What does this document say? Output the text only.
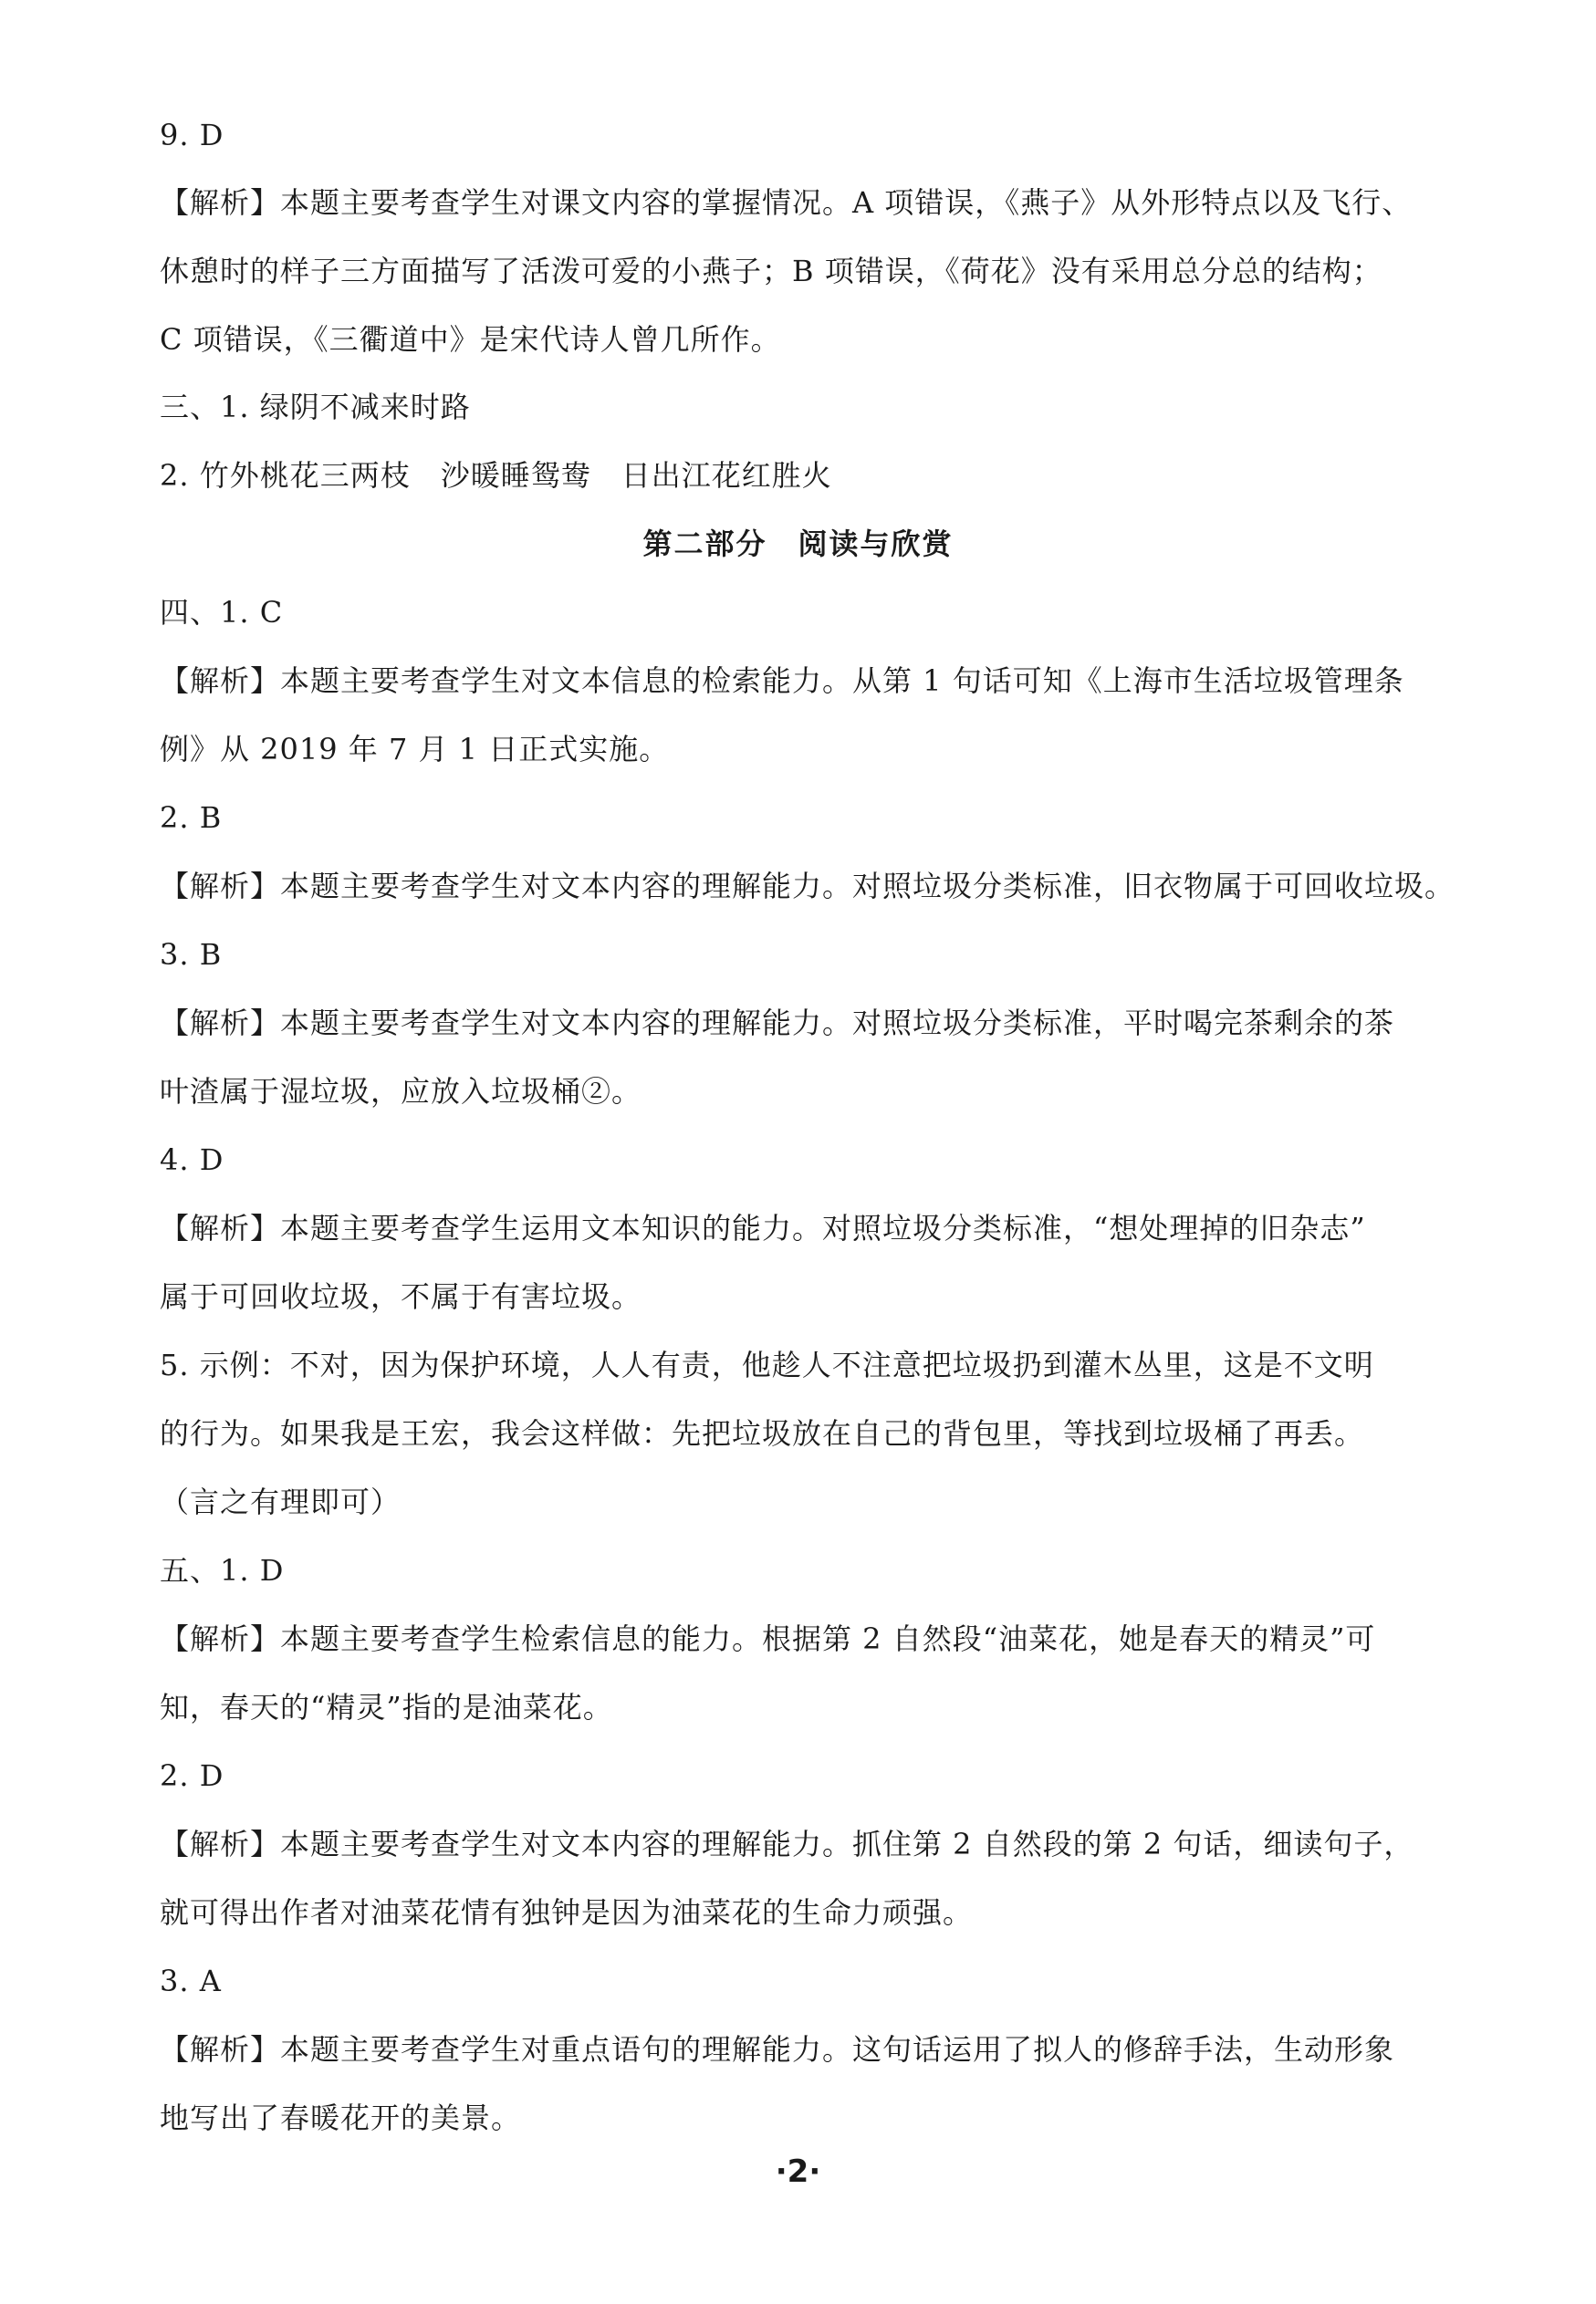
9. D
【解析】本题主要考查学生对课文内容的掌握情况。A 项错误，《燕子》从外形特点以及飞行、
休憩时的样子三方面描写了活泼可爱的小燕子；B 项错误，《荷花》没有采用总分总的结构；
C 项错误，《三衢道中》是宋代诗人曾几所作。
三、1. 绿阴不减来时路
2. 竹外桃花三两枝　沙暖睡鸳鸯　日出江花红胜火
第二部分　阅读与欣赏
四、1. C
【解析】本题主要考查学生对文本信息的检索能力。从第 1 句话可知《上海市生活垃圾管理条
例》从 2019 年 7 月 1 日正式实施。
2. B
【解析】本题主要考查学生对文本内容的理解能力。对照垃圾分类标准，旧衣物属于可回收垃圾。
3. B
【解析】本题主要考查学生对文本内容的理解能力。对照垃圾分类标准，平时喝完茶剩余的茶
叶渣属于湿垃圾，应放入垃圾桶②。
4. D
【解析】本题主要考查学生运用文本知识的能力。对照垃圾分类标准，“想处理掉的旧杂志”
属于可回收垃圾，不属于有害垃圾。
5. 示例：不对，因为保护环境，人人有责，他趁人不注意把垃圾扔到灌木丛里，这是不文明
的行为。如果我是王宏，我会这样做：先把垃圾放在自己的背包里，等找到垃圾桶了再丢。
（言之有理即可）
五、1. D
【解析】本题主要考查学生检索信息的能力。根据第 2 自然段“油菜花，她是春天的精灵”可
知，春天的“精灵”指的是油菜花。
2. D
【解析】本题主要考查学生对文本内容的理解能力。抓住第 2 自然段的第 2 句话，细读句子，
就可得出作者对油菜花情有独钟是因为油菜花的生命力顽强。
3. A
【解析】本题主要考查学生对重点语句的理解能力。这句话运用了拟人的修辞手法，生动形象
地写出了春暖花开的美景。
·2·
